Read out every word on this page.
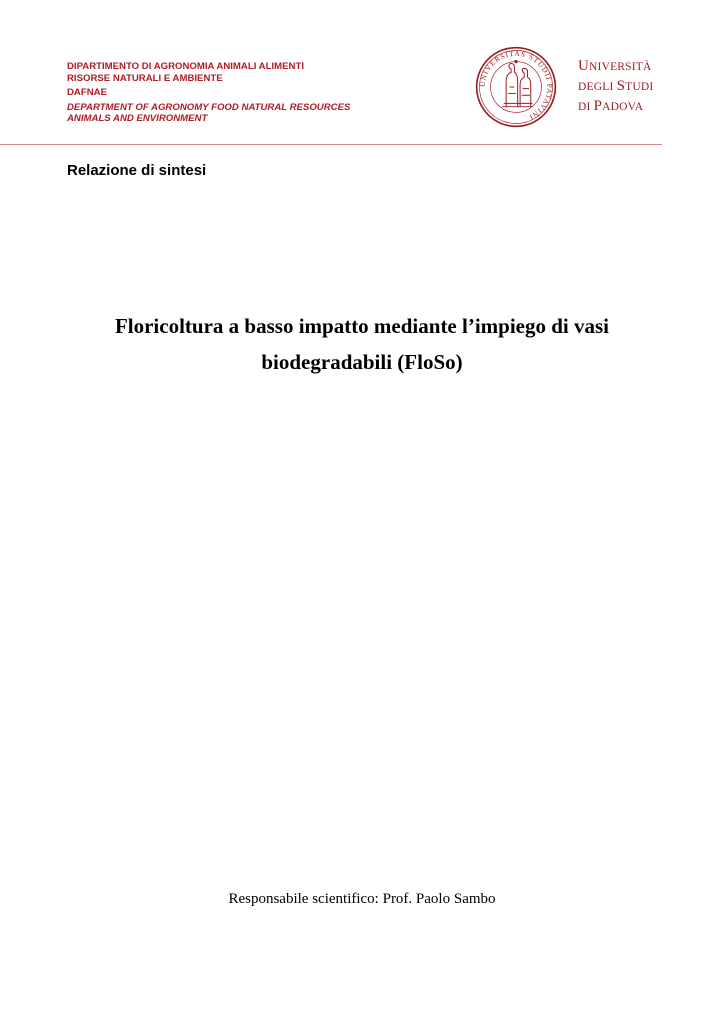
DIPARTIMENTO DI AGRONOMIA ANIMALI ALIMENTI
RISORSE NATURALI E AMBIENTE
DAFNAE
DEPARTMENT OF AGRONOMY FOOD NATURAL RESOURCES
ANIMALS AND ENVIRONMENT
UNIVERSITAS STUDII PATAVINI
UNIVERSITÀ
DEGLI STUDI
DI PADOVA
Relazione di sintesi
Floricoltura a basso impatto mediante l’impiego di vasi
biodegradabili (FloSo)
Responsabile scientifico: Prof. Paolo Sambo
